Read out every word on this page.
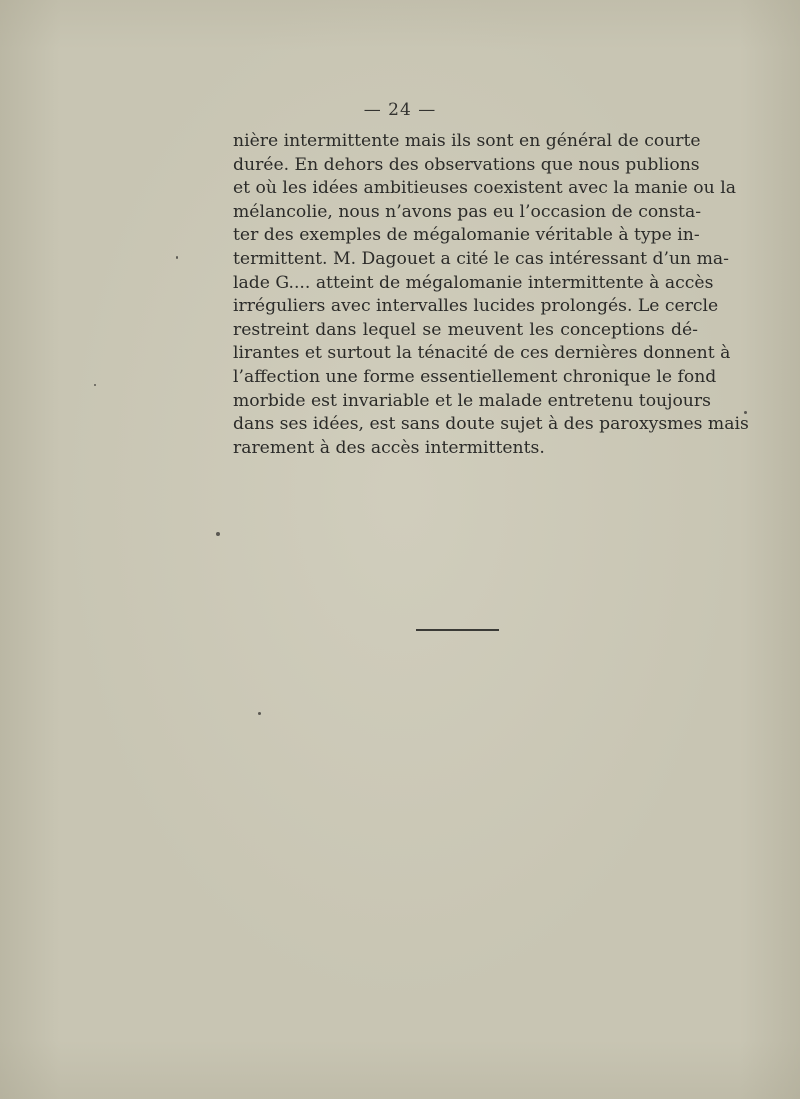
— 24 —
nière intermittente mais ils sont en général de courte
durée. En dehors des observations que nous publions
et où les idées ambitieuses coexistent avec la manie ou la
mélancolie, nous n’avons pas eu l’occasion de consta-
ter des exemples de mégalomanie véritable à type in-
termittent. M. Dagouet a cité le cas intéressant d’un ma-
lade G.... atteint de mégalomanie intermittente à accès
irréguliers avec intervalles lucides prolongés. Le cercle
restreint dans lequel se meuvent les conceptions dé-
lirantes et surtout la ténacité de ces dernières donnent à
l’affection une forme essentiellement chronique le fond
morbide est invariable et le malade entretenu toujours
dans ses idées, est sans doute sujet à des paroxysmes mais
rarement à des accès intermittents.
